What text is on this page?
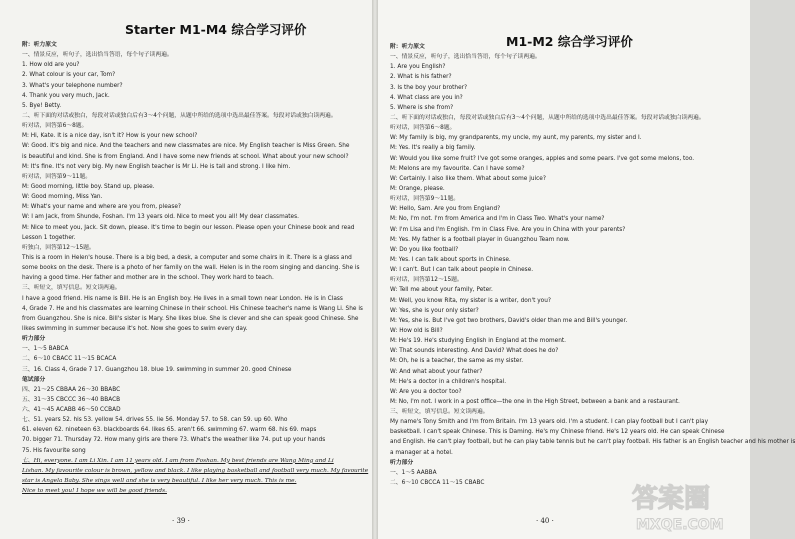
Starter M1-M4 综合学习评价
附：听力原文
一、情景反应，听句子，选出恰当答语，每个句子读两遍。
1. How old are you?
2. What colour is your car, Tom?
3. What's your telephone number?
4. Thank you very much, Jack.
5. Bye! Betty.
二、听下面的对话或独白，每段对话或独白后有3～4个问题，从题中所给的选项中选出最佳答案。每段对话或独白读两遍。
听对话，回答第6～8题。
M: Hi, Kate. It is a nice day, isn't it? How is your new school?
W: Good. It's big and nice. And the teachers and new classmates are nice. My English teacher is Miss Green. She
is beautiful and kind. She is from England. And I have some new friends at school. What about your new school?
M: It's fine. It's not very big. My new English teacher is Mr Li. He is tall and strong. I like him.
听对话，回答第9～11题。
M: Good morning, little boy. Stand up, please.
W: Good morning, Miss Yan.
M: What's your name and where are you from, please?
W: I am Jack, from Shunde, Foshan. I'm 13 years old. Nice to meet you all! My dear classmates.
M: Nice to meet you, Jack. Sit down, please. It's time to begin our lesson. Please open your Chinese book and read
Lesson 1 together.
听独白，回答第12～15题。
This is a room in Helen's house. There is a big bed, a desk, a computer and some chairs in it. There is a glass and
some books on the desk. There is a photo of her family on the wall. Helen is in the room singing and dancing. She is
having a good time. Her father and mother are in the school. They work hard to teach.
三、听短文，填写信息。短文读两遍。
I have a good friend. His name is Bill. He is an English boy. He lives in a small town near London. He is in Class
4, Grade 7. He and his classmates are learning Chinese in their school. His Chinese teacher's name is Wang Li. She is
from Guangzhou. She is nice. Bill's sister is Mary. She likes blue. She is clever and she can speak good Chinese. She
likes swimming in summer because it's hot. Now she goes to swim every day.
听力部分
一、1～5 BABCA
二、6～10 CBACC 11～15 BCACA
三、16. Class 4, Grade 7 17. Guangzhou 18. blue 19. swimming in summer 20. good Chinese
笔试部分
四、21～25 CBBAA 26～30 BBABC
五、31～35 CBCCC 36～40 BBACB
六、41～45 ACABB 46～50 CCBAD
七、51. years 52. his 53. yellow 54. drives 55. lie 56. Monday 57. to 58. can 59. up 60. Who
61. eleven 62. nineteen 63. blackboards 64. likes 65. aren't 66. swimming 67. warm 68. his 69. maps
70. bigger 71. Thursday 72. How many girls are there 73. What's the weather like 74. put up your hands
75. His favourite song
七、Hi, everyone. I am Li Xin. I am 11 years old. I am from Foshan. My best friends are Wang Ming and Li
Lishan. My favourite colour is brown, yellow and black. I like playing basketball and football very much. My favourite
star is Angela Baby. She sings well and she is very beautiful. I like her very much. This is me.
Nice to meet you! I hope we will be good friends.
· 39 ·
M1-M2 综合学习评价
附：听力原文
一、情景反应，听句子，选出恰当答语，每个句子读两遍。
1. Are you English?
2. What is his father?
3. Is the boy your brother?
4. What class are you in?
5. Where is she from?
二、听下面的对话或独白，每段对话或独白后有3～4个问题，从题中所给的选项中选出最佳答案。每段对话或独白读两遍。
听对话，回答第6～8题。
W: My family is big, my grandparents, my uncle, my aunt, my parents, my sister and I.
M: Yes. It's really a big family.
W: Would you like some fruit? I've got some oranges, apples and some pears. I've got some melons, too.
M: Melons are my favourite. Can I have some?
W: Certainly. I also like them. What about some juice?
M: Orange, please.
听对话，回答第9～11题。
W: Hello, Sam. Are you from England?
M: No, I'm not. I'm from America and I'm in Class Two. What's your name?
W: I'm Lisa and I'm English. I'm in Class Five. Are you in China with your parents?
M: Yes. My father is a football player in Guangzhou Team now.
W: Do you like football?
M: Yes. I can talk about sports in Chinese.
W: I can't. But I can talk about people in Chinese.
听对话，回答第12～15题。
W: Tell me about your family, Peter.
M: Well, you know Rita, my sister is a writer, don't you?
W: Yes, she is your only sister?
M: Yes, she is. But I've got two brothers, David's older than me and Bill's younger.
W: How old is Bill?
M: He's 19. He's studying English in England at the moment.
W: That sounds interesting. And David? What does he do?
M: Oh, he is a teacher, the same as my sister.
W: And what about your father?
M: He's a doctor in a children's hospital.
W: Are you a doctor too?
M: No, I'm not. I work in a post office—the one in the High Street, between a bank and a restaurant.
三、听短文，填写信息。短文读两遍。
My name's Tony Smith and I'm from Britain. I'm 13 years old. I'm a student. I can play football but I can't play
basketball. I can't speak Chinese. This is Daming. He's my Chinese friend. He's 12 years old. He can speak Chinese
and English. He can't play football, but he can play table tennis but he can't play football. His father is an English teacher and his mother is
a manager at a hotel.
听力部分
一、1～5 AABBA
二、6～10 CBCCA 11～15 CBABC
· 40 ·
答案圈
MXQE.COM
